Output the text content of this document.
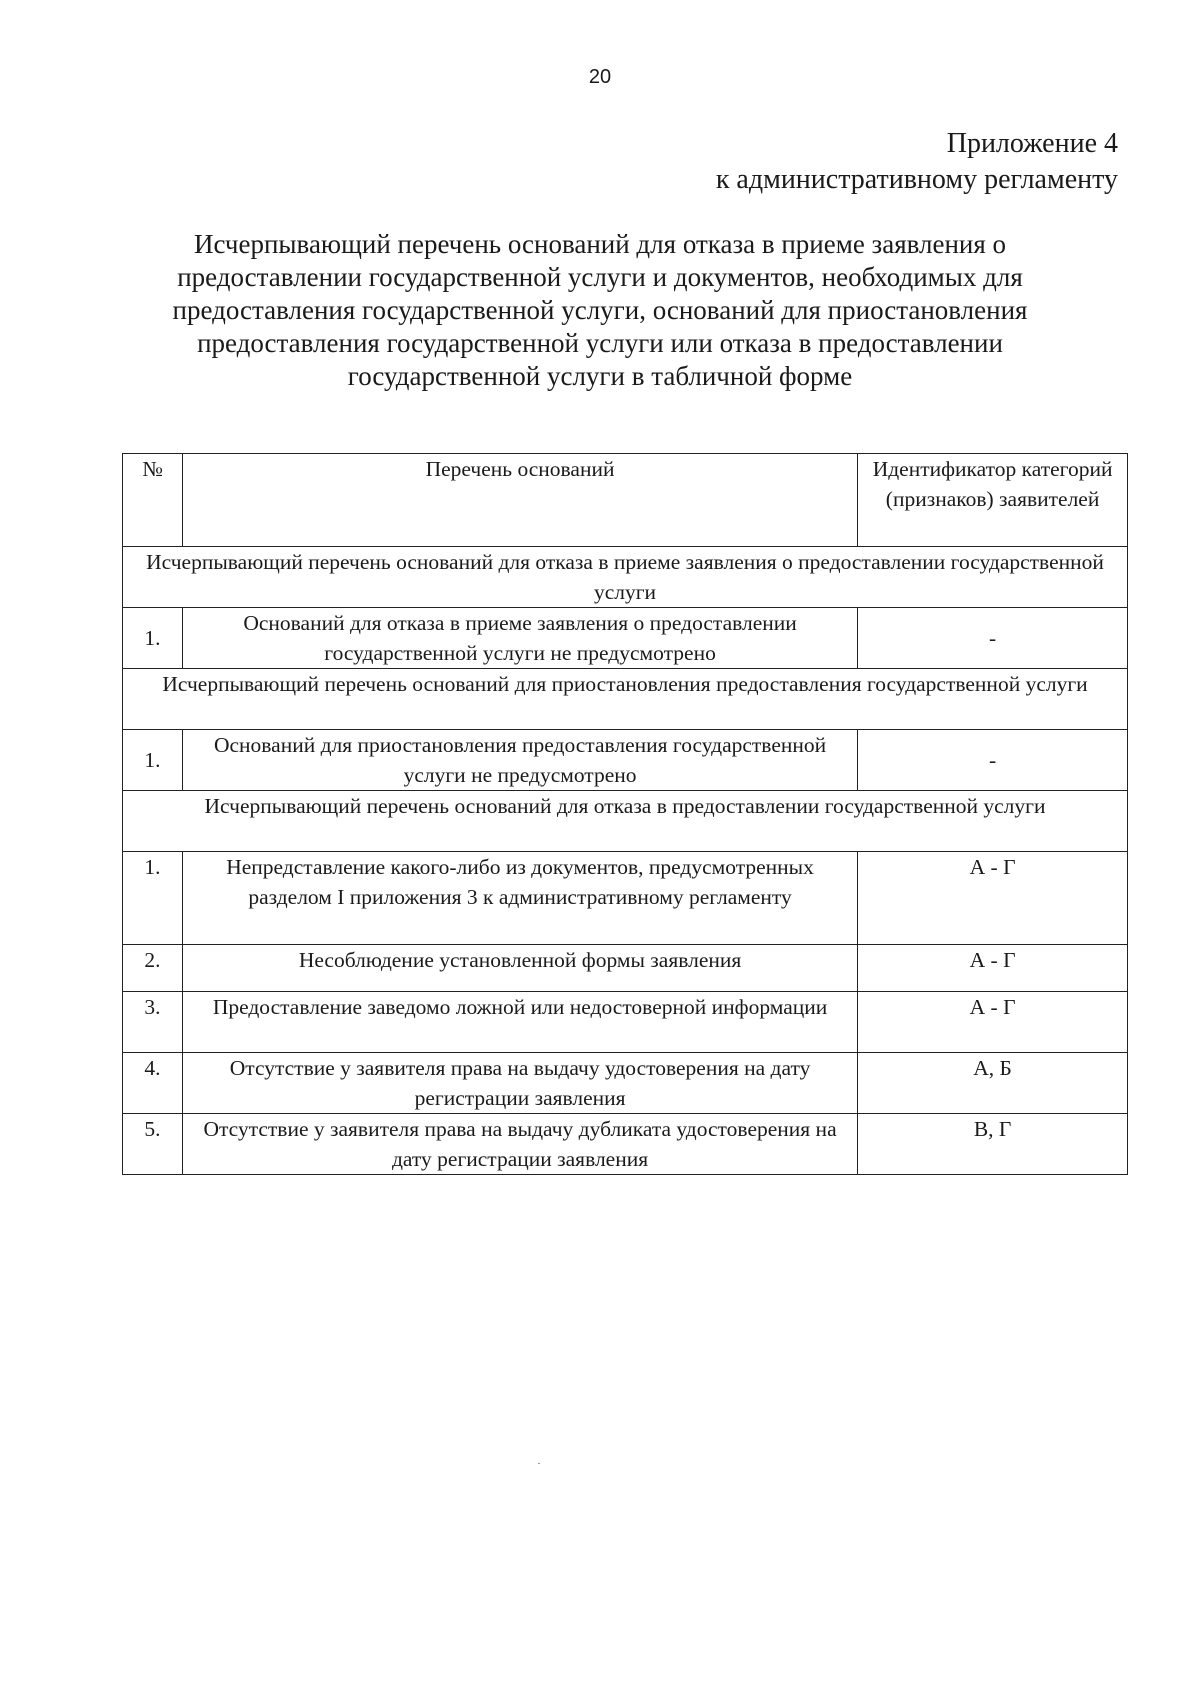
20
Приложение 4
к административному регламенту
Исчерпывающий перечень оснований для отказа в приеме заявления о
предоставлении государственной услуги и документов, необходимых для
предоставления государственной услуги, оснований для приостановления
предоставления государственной услуги или отказа в предоставлении
государственной услуги в табличной форме
№	Перечень оснований	Идентификатор категорий (признаков) заявителей
Исчерпывающий перечень оснований для отказа в приеме заявления о предоставлении государственной услуги		
1.	Оснований для отказа в приеме заявления о предоставлении государственной услуги не предусмотрено	-
Исчерпывающий перечень оснований для приостановления предоставления государственной услуги		
1.	Оснований для приостановления предоставления государственной услуги не предусмотрено	-
Исчерпывающий перечень оснований для отказа в предоставлении государственной услуги		
1.	Непредставление какого-либо из документов, предусмотренных разделом I приложения 3 к административному регламенту	А - Г
2.	Несоблюдение установленной формы заявления	А - Г
3.	Предоставление заведомо ложной или недостоверной информации	А - Г
4.	Отсутствие у заявителя права на выдачу удостоверения на дату регистрации заявления	А, Б
5.	Отсутствие у заявителя права на выдачу дубликата удостоверения на дату регистрации заявления	В, Г
